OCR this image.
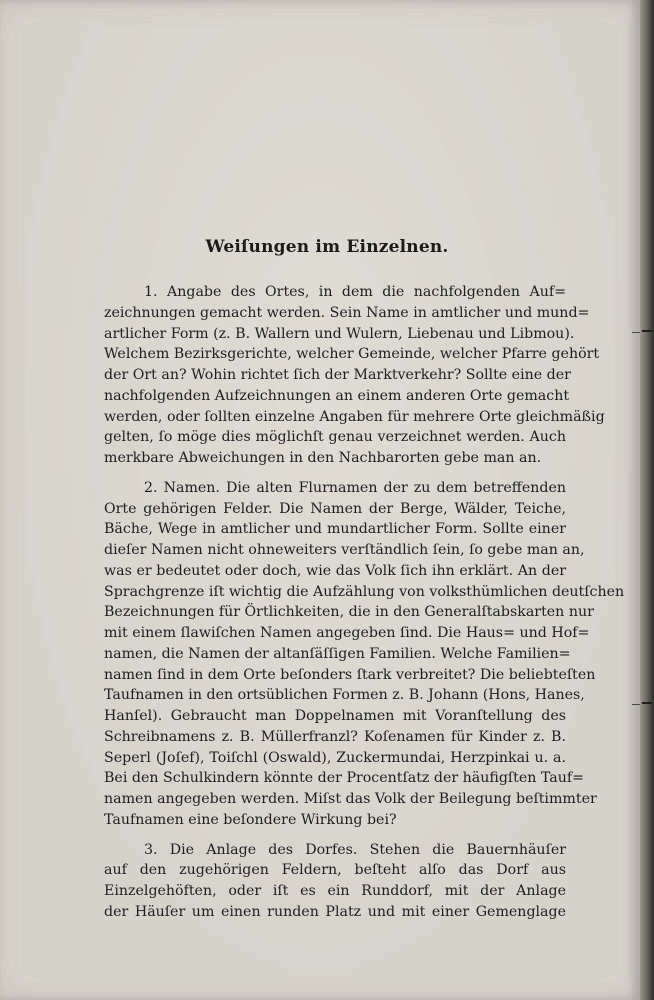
Weiſungen im Einzelnen.
1. Angabe des Ortes, in dem die nachfolgenden Auf=
zeichnungen gemacht werden. Sein Name in amtlicher und mund=
artlicher Form (z. B. Wallern und Wulern, Liebenau und Libmou).
Welchem Bezirksgerichte, welcher Gemeinde, welcher Pfarre gehört
der Ort an? Wohin richtet ſich der Marktverkehr? Sollte eine der
nachfolgenden Aufzeichnungen an einem anderen Orte gemacht
werden, oder ſollten einzelne Angaben für mehrere Orte gleichmäßig
gelten, ſo möge dies möglichſt genau verzeichnet werden. Auch
merkbare Abweichungen in den Nachbarorten gebe man an.
2. Namen. Die alten Flurnamen der zu dem betreffenden
Orte gehörigen Felder. Die Namen der Berge, Wälder, Teiche,
Bäche, Wege in amtlicher und mundartlicher Form. Sollte einer
dieſer Namen nicht ohneweiters verſtändlich ſein, ſo gebe man an,
was er bedeutet oder doch, wie das Volk ſich ihn erklärt. An der
Sprachgrenze iſt wichtig die Aufzählung von volksthümlichen deutſchen
Bezeichnungen für Örtlichkeiten, die in den Generalſtabskarten nur
mit einem ſlawiſchen Namen angegeben ſind. Die Haus= und Hof=
namen, die Namen der altanſäſſigen Familien. Welche Familien=
namen ſind in dem Orte beſonders ſtark verbreitet? Die beliebteſten
Taufnamen in den ortsüblichen Formen z. B. Johann (Hons, Hanes,
Hanſel). Gebraucht man Doppelnamen mit Voranſtellung des
Schreibnamens z. B. Müllerfranzl? Koſenamen für Kinder z. B.
Seperl (Joſef), Toiſchl (Oswald), Zuckermundai, Herzpinkai u. a.
Bei den Schulkindern könnte der Procentſatz der häufigſten Tauf=
namen angegeben werden. Miſst das Volk der Beilegung beſtimmter
Taufnamen eine beſondere Wirkung bei?
3. Die Anlage des Dorfes. Stehen die Bauernhäuſer
auf den zugehörigen Feldern, beſteht alſo das Dorf aus
Einzelgehöften, oder iſt es ein Runddorf, mit der Anlage
der Häuſer um einen runden Platz und mit einer Gemenglage
